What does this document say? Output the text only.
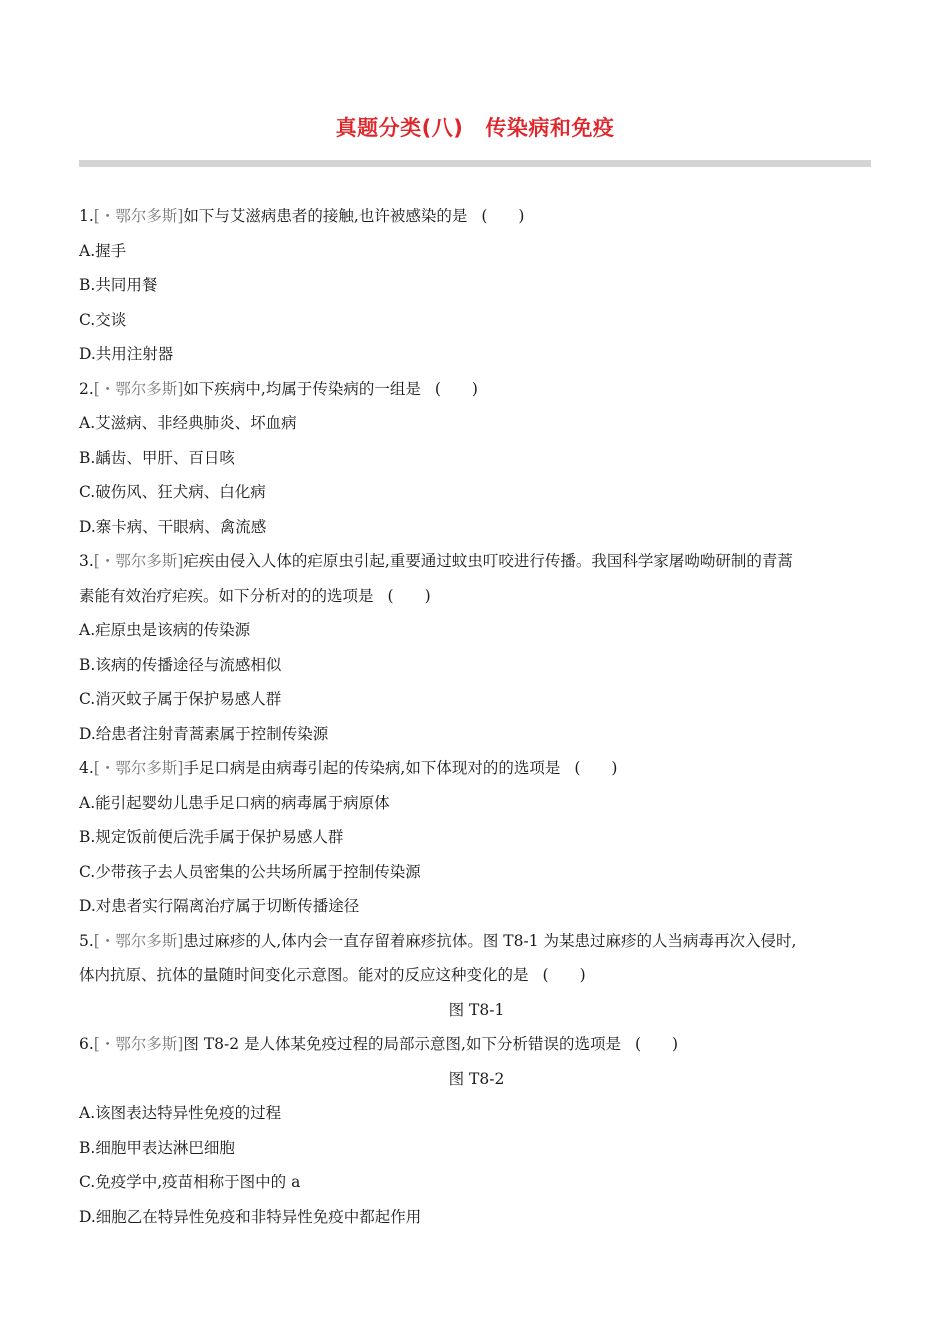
真题分类(八) 传染病和免疫
1.[・鄂尔多斯]如下与艾滋病患者的接触,也许被感染的是 (　　)
A.握手
B.共同用餐
C.交谈
D.共用注射器
2.[・鄂尔多斯]如下疾病中,均属于传染病的一组是 (　　)
A.艾滋病、非经典肺炎、坏血病
B.龋齿、甲肝、百日咳
C.破伤风、狂犬病、白化病
D.寨卡病、干眼病、禽流感
3.[・鄂尔多斯]疟疾由侵入人体的疟原虫引起,重要通过蚊虫叮咬进行传播。我国科学家屠呦呦研制的青蒿
素能有效治疗疟疾。如下分析对的的选项是 (　　)
A.疟原虫是该病的传染源
B.该病的传播途径与流感相似
C.消灭蚊子属于保护易感人群
D.给患者注射青蒿素属于控制传染源
4.[・鄂尔多斯]手足口病是由病毒引起的传染病,如下体现对的的选项是 (　　)
A.能引起婴幼儿患手足口病的病毒属于病原体
B.规定饭前便后洗手属于保护易感人群
C.少带孩子去人员密集的公共场所属于控制传染源
D.对患者实行隔离治疗属于切断传播途径
5.[・鄂尔多斯]患过麻疹的人,体内会一直存留着麻疹抗体。图 T8-1 为某患过麻疹的人当病毒再次入侵时,
体内抗原、抗体的量随时间变化示意图。能对的反应这种变化的是 (　　)
图 T8-1
6.[・鄂尔多斯]图 T8-2 是人体某免疫过程的局部示意图,如下分析错误的选项是 (　　)
图 T8-2
A.该图表达特异性免疫的过程
B.细胞甲表达淋巴细胞
C.免疫学中,疫苗相称于图中的 a
D.细胞乙在特异性免疫和非特异性免疫中都起作用
